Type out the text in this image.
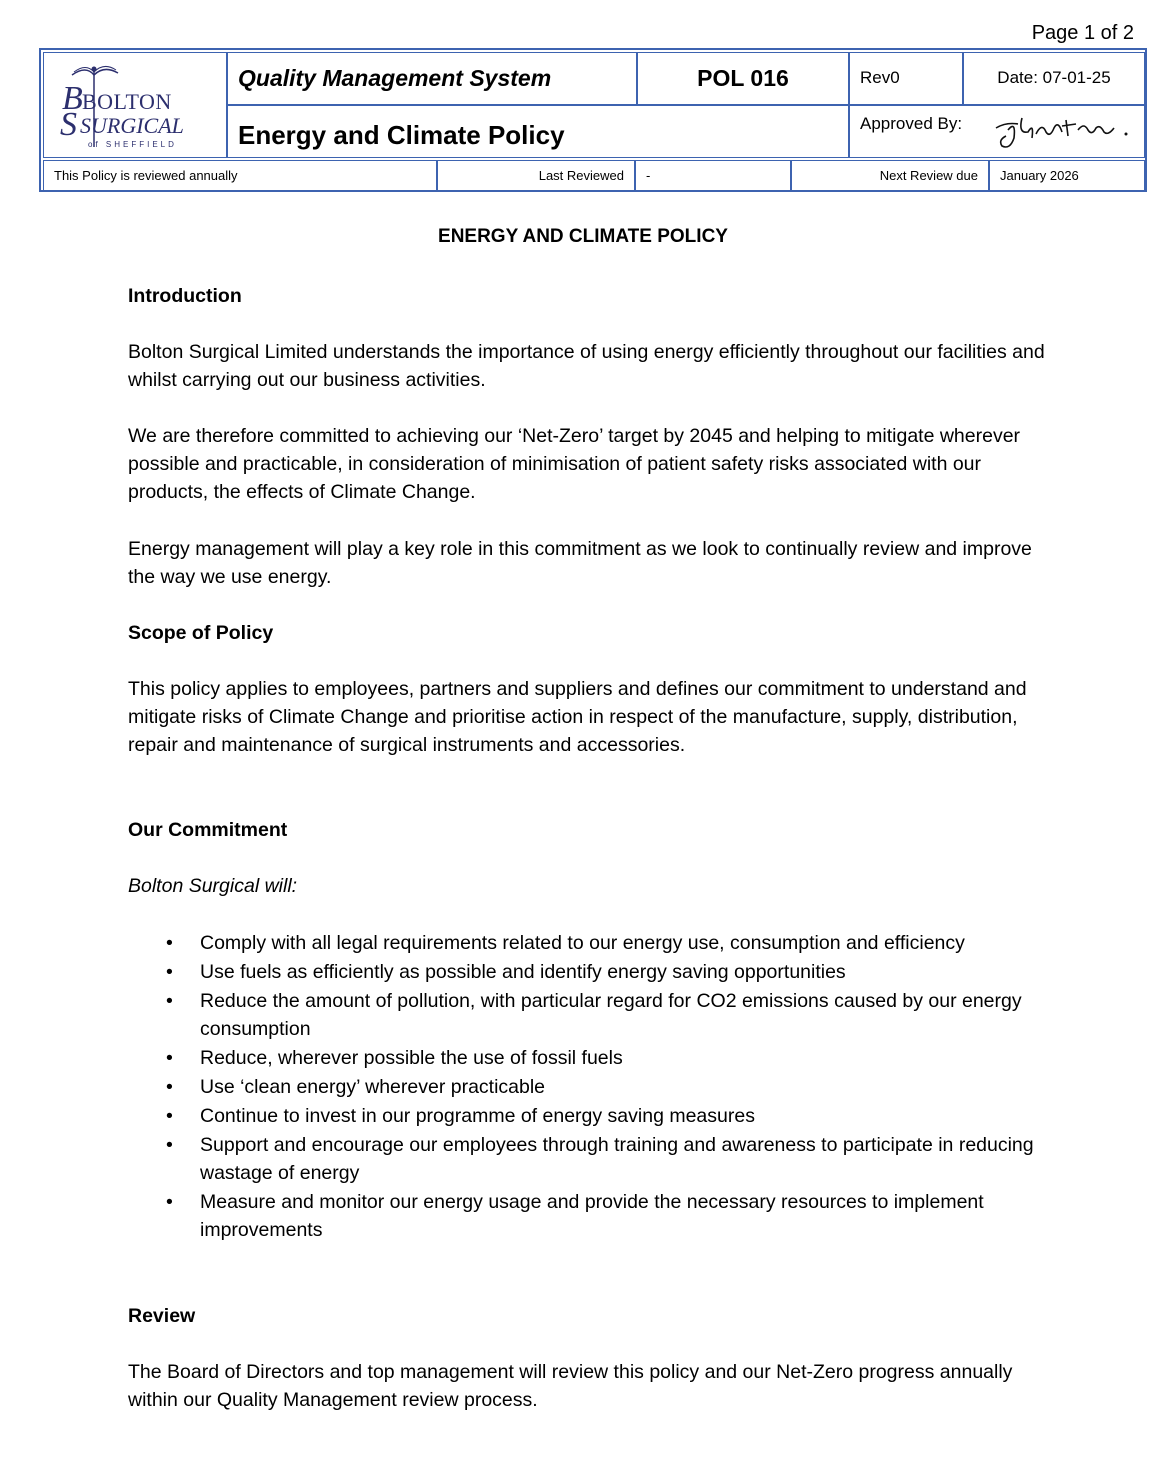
Page 1 of 2
B BOLTON
S SURGICAL
of SHEFFIELD
Quality Management System	POL 016	Rev0	Date: 07-01-25
Energy and Climate Policy	Approved By:
This Policy is reviewed annually	Last Reviewed	-	Next Review due	January 2026
ENERGY AND CLIMATE POLICY

Introduction

Bolton Surgical Limited understands the importance of using energy efficiently throughout our facilities and whilst carrying out our business activities.

We are therefore committed to achieving our ‘Net-Zero’ target by 2045 and helping to mitigate wherever possible and practicable, in consideration of minimisation of patient safety risks associated with our products, the effects of Climate Change.

Energy management will play a key role in this commitment as we look to continually review and improve the way we use energy.

Scope of Policy

This policy applies to employees, partners and suppliers and defines our commitment to understand and mitigate risks of Climate Change and prioritise action in respect of the manufacture, supply, distribution, repair and maintenance of surgical instruments and accessories.

Our Commitment

Bolton Surgical will:

• Comply with all legal requirements related to our energy use, consumption and efficiency
• Use fuels as efficiently as possible and identify energy saving opportunities
• Reduce the amount of pollution, with particular regard for CO2 emissions caused by our energy consumption
• Reduce, wherever possible the use of fossil fuels
• Use ‘clean energy’ wherever practicable
• Continue to invest in our programme of energy saving measures
• Support and encourage our employees through training and awareness to participate in reducing wastage of energy
• Measure and monitor our energy usage and provide the necessary resources to implement improvements

Review

The Board of Directors and top management will review this policy and our Net-Zero progress annually within our Quality Management review process.
